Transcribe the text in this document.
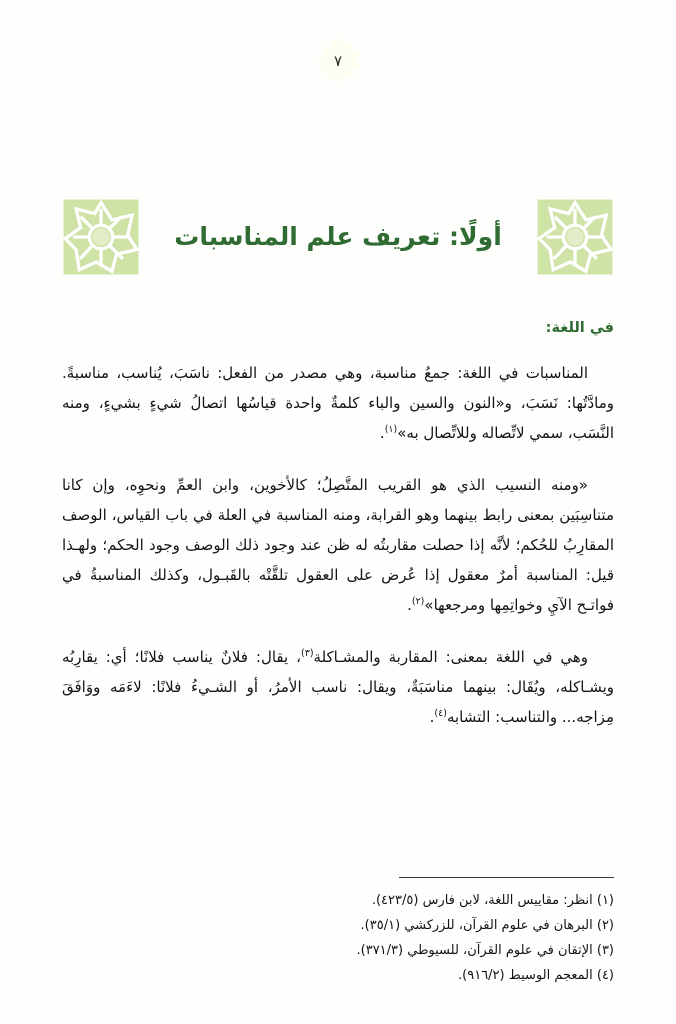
٧
أولًا: تعريف علم المناسبات
في اللغة:

المناسبات في اللغة: جمعُ مناسبة، وهي مصدر من الفعل: ناسَبَ، يُناسب، مناسبةً. ومادَّتُها: نَسَبَ، و«النون والسين والباء كلمةٌ واحدة قياسُها اتصالُ شيءٍ بشيءٍ، ومنه النَّسَب، سمي لاتِّصاله وللاتِّصال به»$^{(١)}$.

«ومنه النسيب الذي هو القريب المتَّصِلُ؛ كالأخوين، وابن العمِّ ونحوِه، وإن كانا متناسِبَين بمعنى رابط بينهما وهو القرابة، ومنه المناسبة في العلة في باب القياس، الوصف المقارِبُ للحُكم؛ لأنَّه إذا حصلت مقاربتُه له ظن عند وجود ذلك الوصف وجود الحكم؛ ولهـذا قيل: المناسبة أمرٌ معقول إذا عُرض على العقول تلقَّتْه بالقَبـول، وكذلك المناسبةُ في فواتـح الآيِ وخواتِمِها ومرجعها»$^{(٢)}$.

وهي في اللغة بمعنى: المقاربة والمشـاكلة$^{(٣)}$، يقال: فلانٌ يناسب فلانًا؛ أي: يقارِبُه ويشـاكله، ويُقَال: بينهما مناسَبَةٌ، ويقال: ناسب الأمرُ، أو الشـيءُ فلانًا: لاءَمَه ووَافَقَ مِزاجه... والتناسب: التشابه$^{(٤)}$.

(١) انظر: مقاييس اللغة، لابن فارس (٤٢٣/٥).
(٢) البرهان في علوم القرآن، للزركشي (٣٥/١).
(٣) الإتقان في علوم القرآن، للسيوطي (٣٧١/٣).
(٤) المعجم الوسيط (٩١٦/٢).
